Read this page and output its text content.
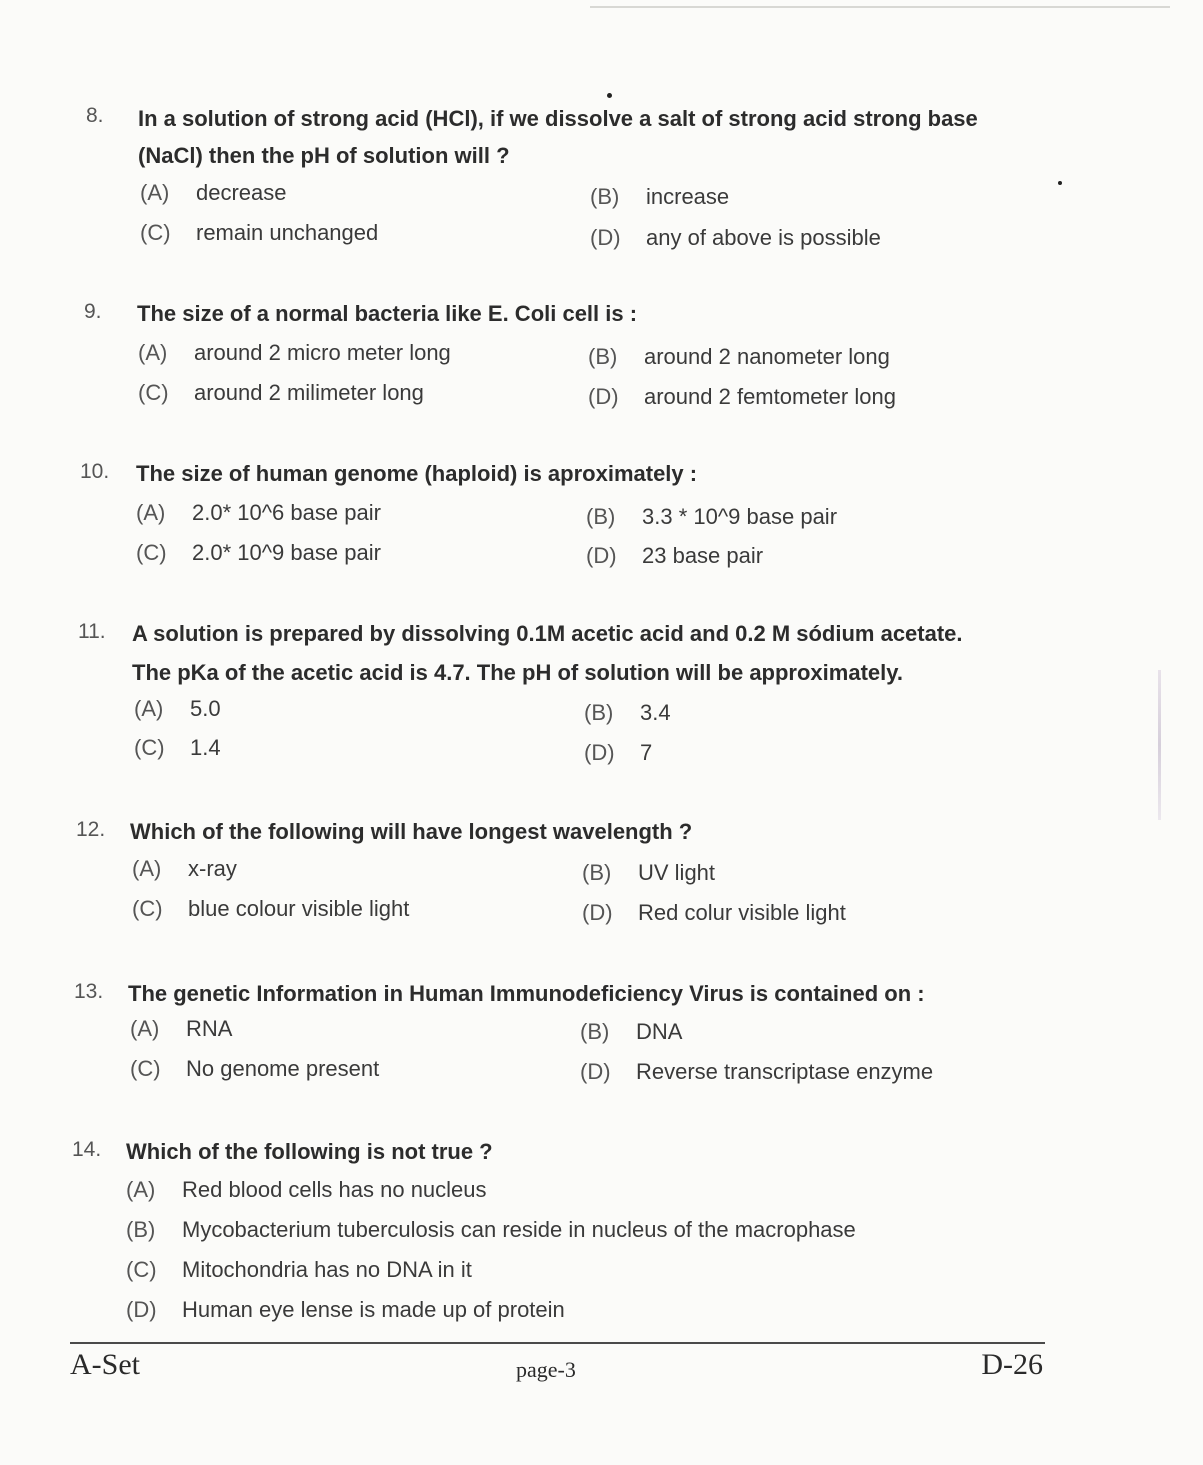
8. In a solution of strong acid (HCl), if we dissolve a salt of strong acid strong base
(NaCl) then the pH of solution will ?
(A) decrease	(B) increase
(C) remain unchanged	(D) any of above is possible
9. The size of a normal bacteria like E. Coli cell is :
(A) around 2 micro meter long	(B) around 2 nanometer long
(C) around 2 milimeter long	(D) around 2 femtometer long
10. The size of human genome (haploid) is aproximately :
(A) 2.0* 10^6 base pair	(B) 3.3 * 10^9 base pair
(C) 2.0* 10^9 base pair	(D) 23 base pair
11. A solution is prepared by dissolving 0.1M acetic acid and 0.2 M sódium acetate.
The pKa of the acetic acid is 4.7. The pH of solution will be approximately.
(A) 5.0	(B) 3.4
(C) 1.4	(D) 7
12. Which of the following will have longest wavelength ?
(A) x-ray	(B) UV light
(C) blue colour visible light	(D) Red colur visible light
13. The genetic Information in Human Immunodeficiency Virus is contained on :
(A) RNA	(B) DNA
(C) No genome present	(D) Reverse transcriptase enzyme
14. Which of the following is not true ?
(A) Red blood cells has no nucleus
(B) Mycobacterium tuberculosis can reside in nucleus of the macrophase
(C) Mitochondria has no DNA in it
(D) Human eye lense is made up of protein
A-Set	page-3	D-26
